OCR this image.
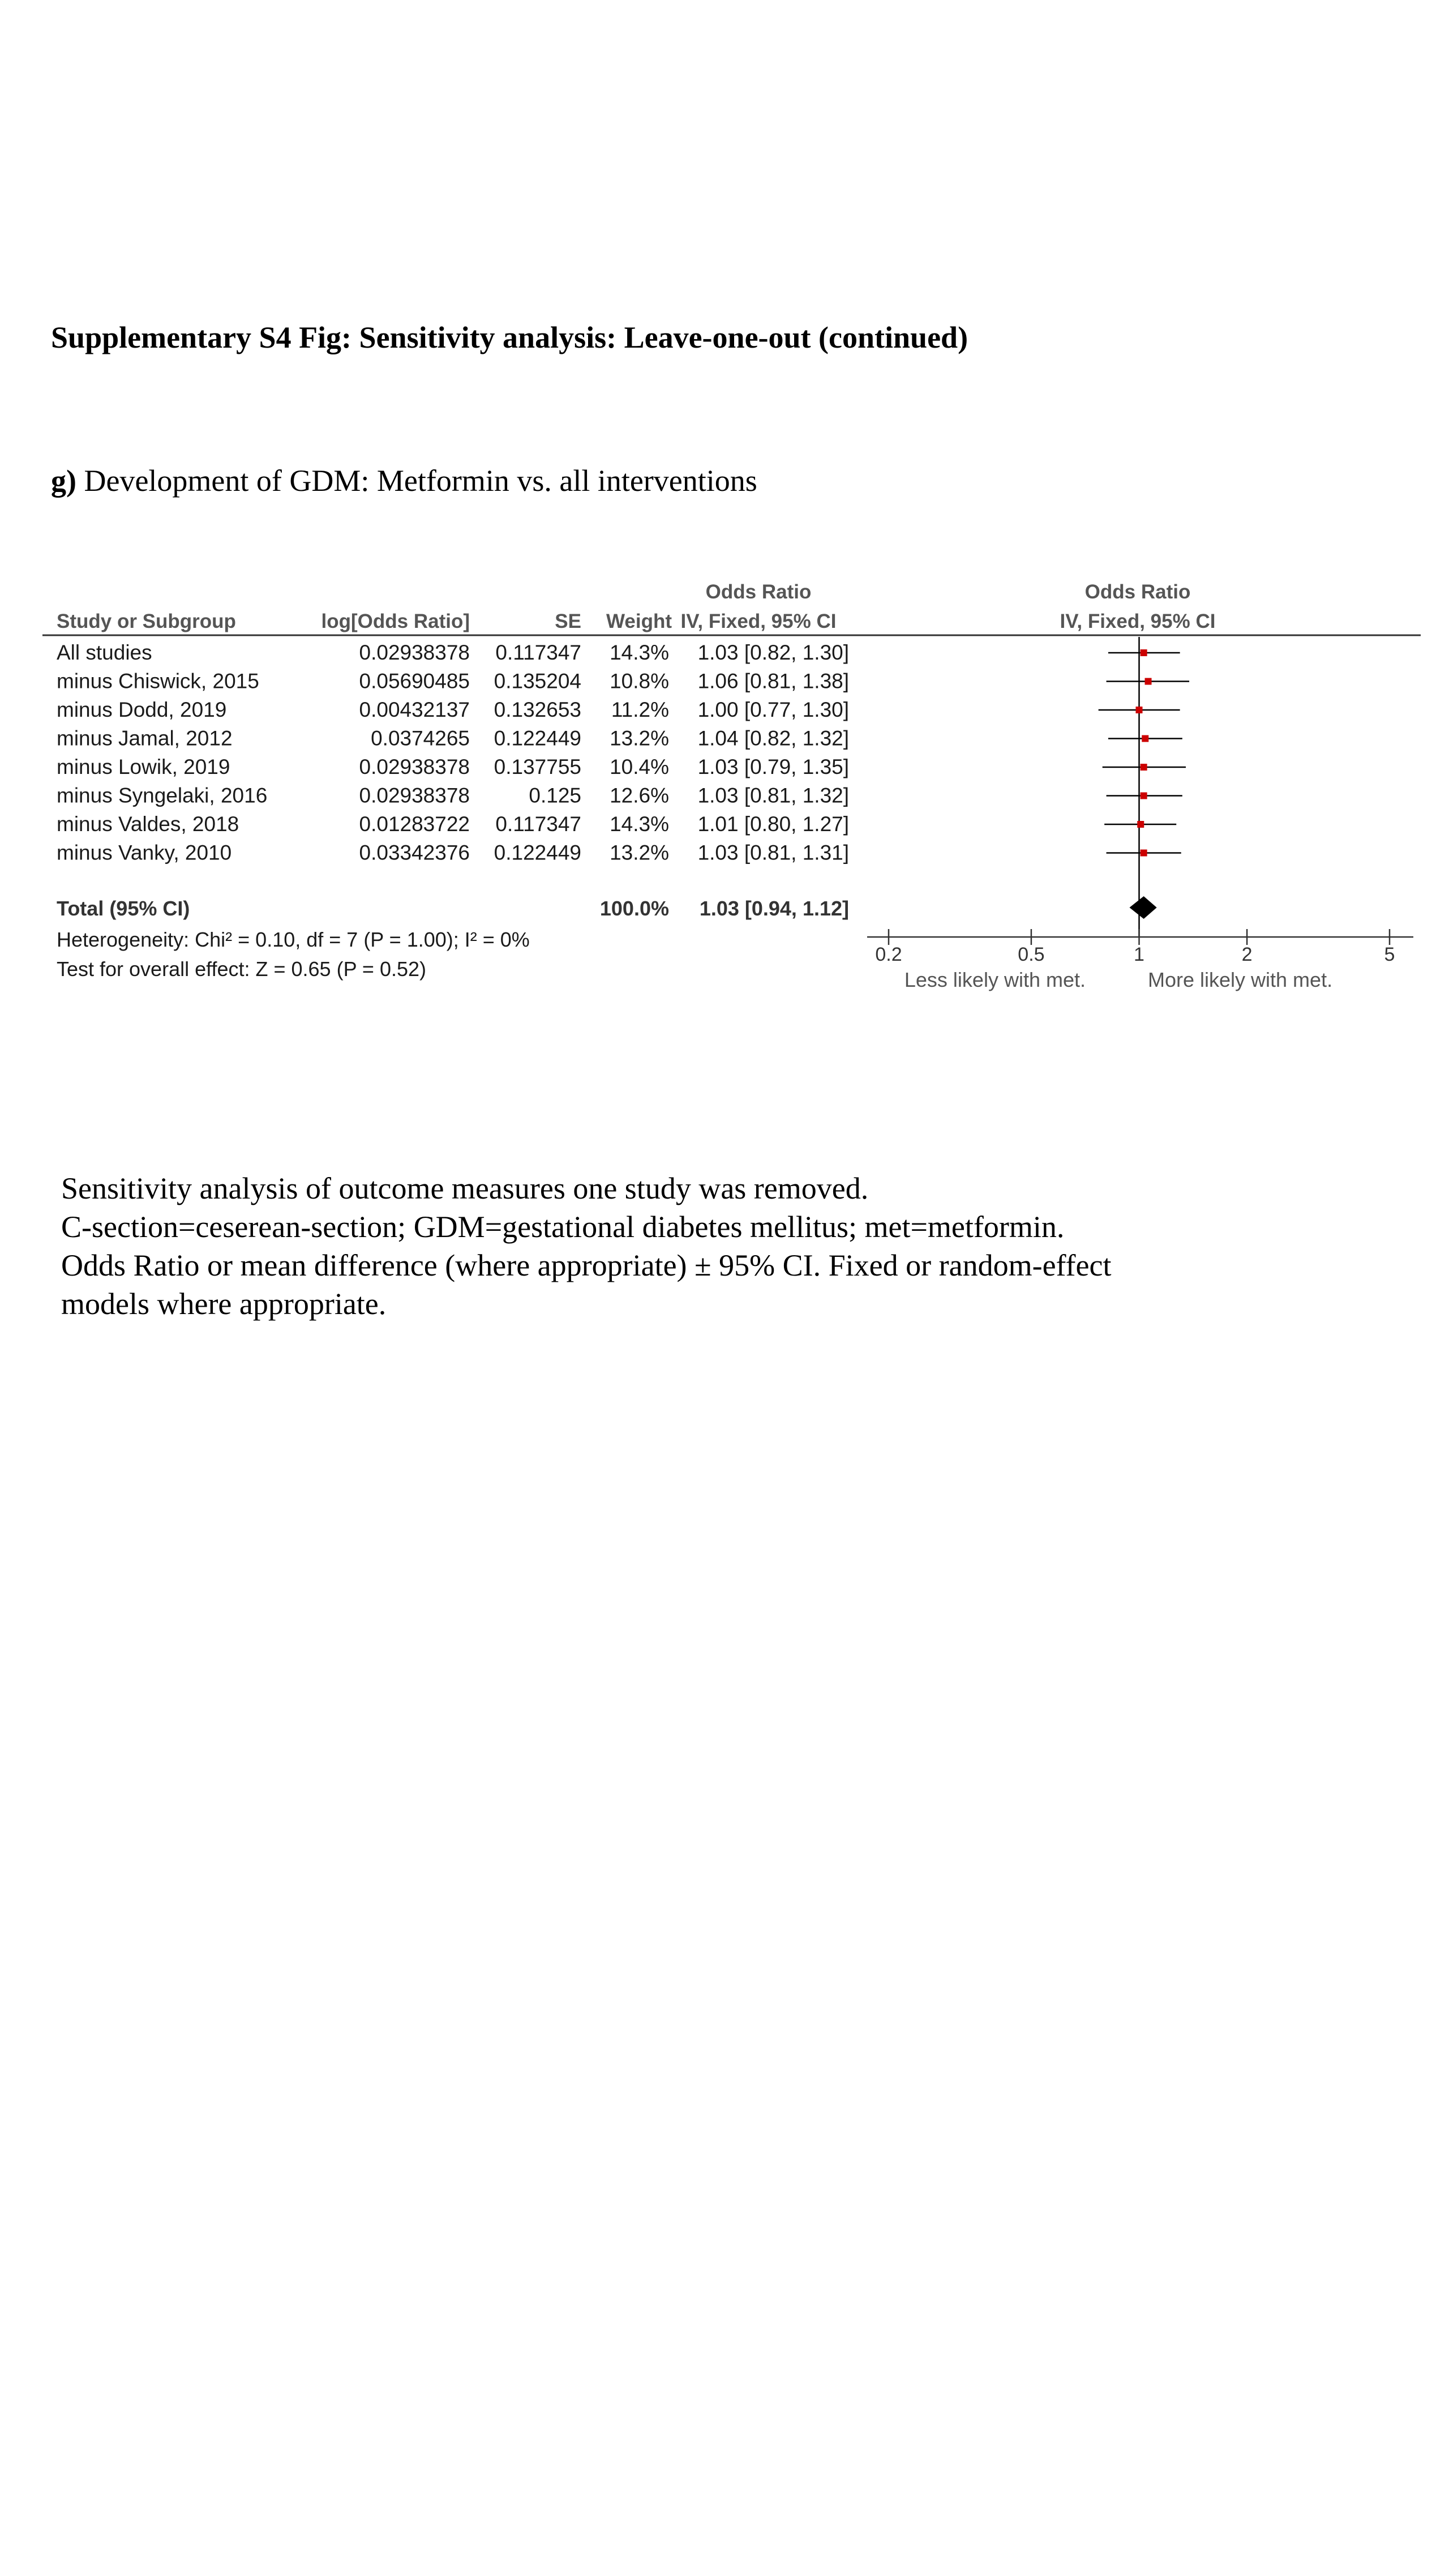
Supplementary S4 Fig: Sensitivity analysis: Leave-one-out (continued)
g) Development of GDM: Metformin vs. all interventions
Odds Ratio	Odds Ratio
Study or Subgroup	log[Odds Ratio]	SE Weight IV, Fixed, 95% CI	IV, Fixed, 95% CI
All studies	0.02938378 0.117347 14.3% 1.03 [0.82, 1.30]
minus Chiswick, 2015	0.05690485 0.135204 10.8% 1.06 [0.81, 1.38]
minus Dodd, 2019	0.00432137 0.132653 11.2% 1.00 [0.77, 1.30]
minus Jamal, 2012	0.0374265 0.122449 13.2% 1.04 [0.82, 1.32]
minus Lowik, 2019	0.02938378 0.137755 10.4% 1.03 [0.79, 1.35]
minus Syngelaki, 2016	0.02938378	0.125 12.6% 1.03 [0.81, 1.32]
minus Valdes, 2018	0.01283722 0.117347 14.3% 1.01 [0.80, 1.27]
minus Vanky, 2010	0.03342376 0.122449 13.2% 1.03 [0.81, 1.31]
Total (95% CI)	100.0% 1.03 [0.94, 1.12]
Heterogeneity: Chi² = 0.10, df = 7 (P = 1.00); I² = 0%
Test for overall effect: Z = 0.65 (P = 0.52)
0.2	0.5	1	2	5
Less likely with met.	More likely with met.
Sensitivity analysis of outcome measures one study was removed.
C-section=ceserean-section; GDM=gestational diabetes mellitus; met=metformin.
Odds Ratio or mean difference (where appropriate) ± 95% CI. Fixed or random-effect
models where appropriate.
